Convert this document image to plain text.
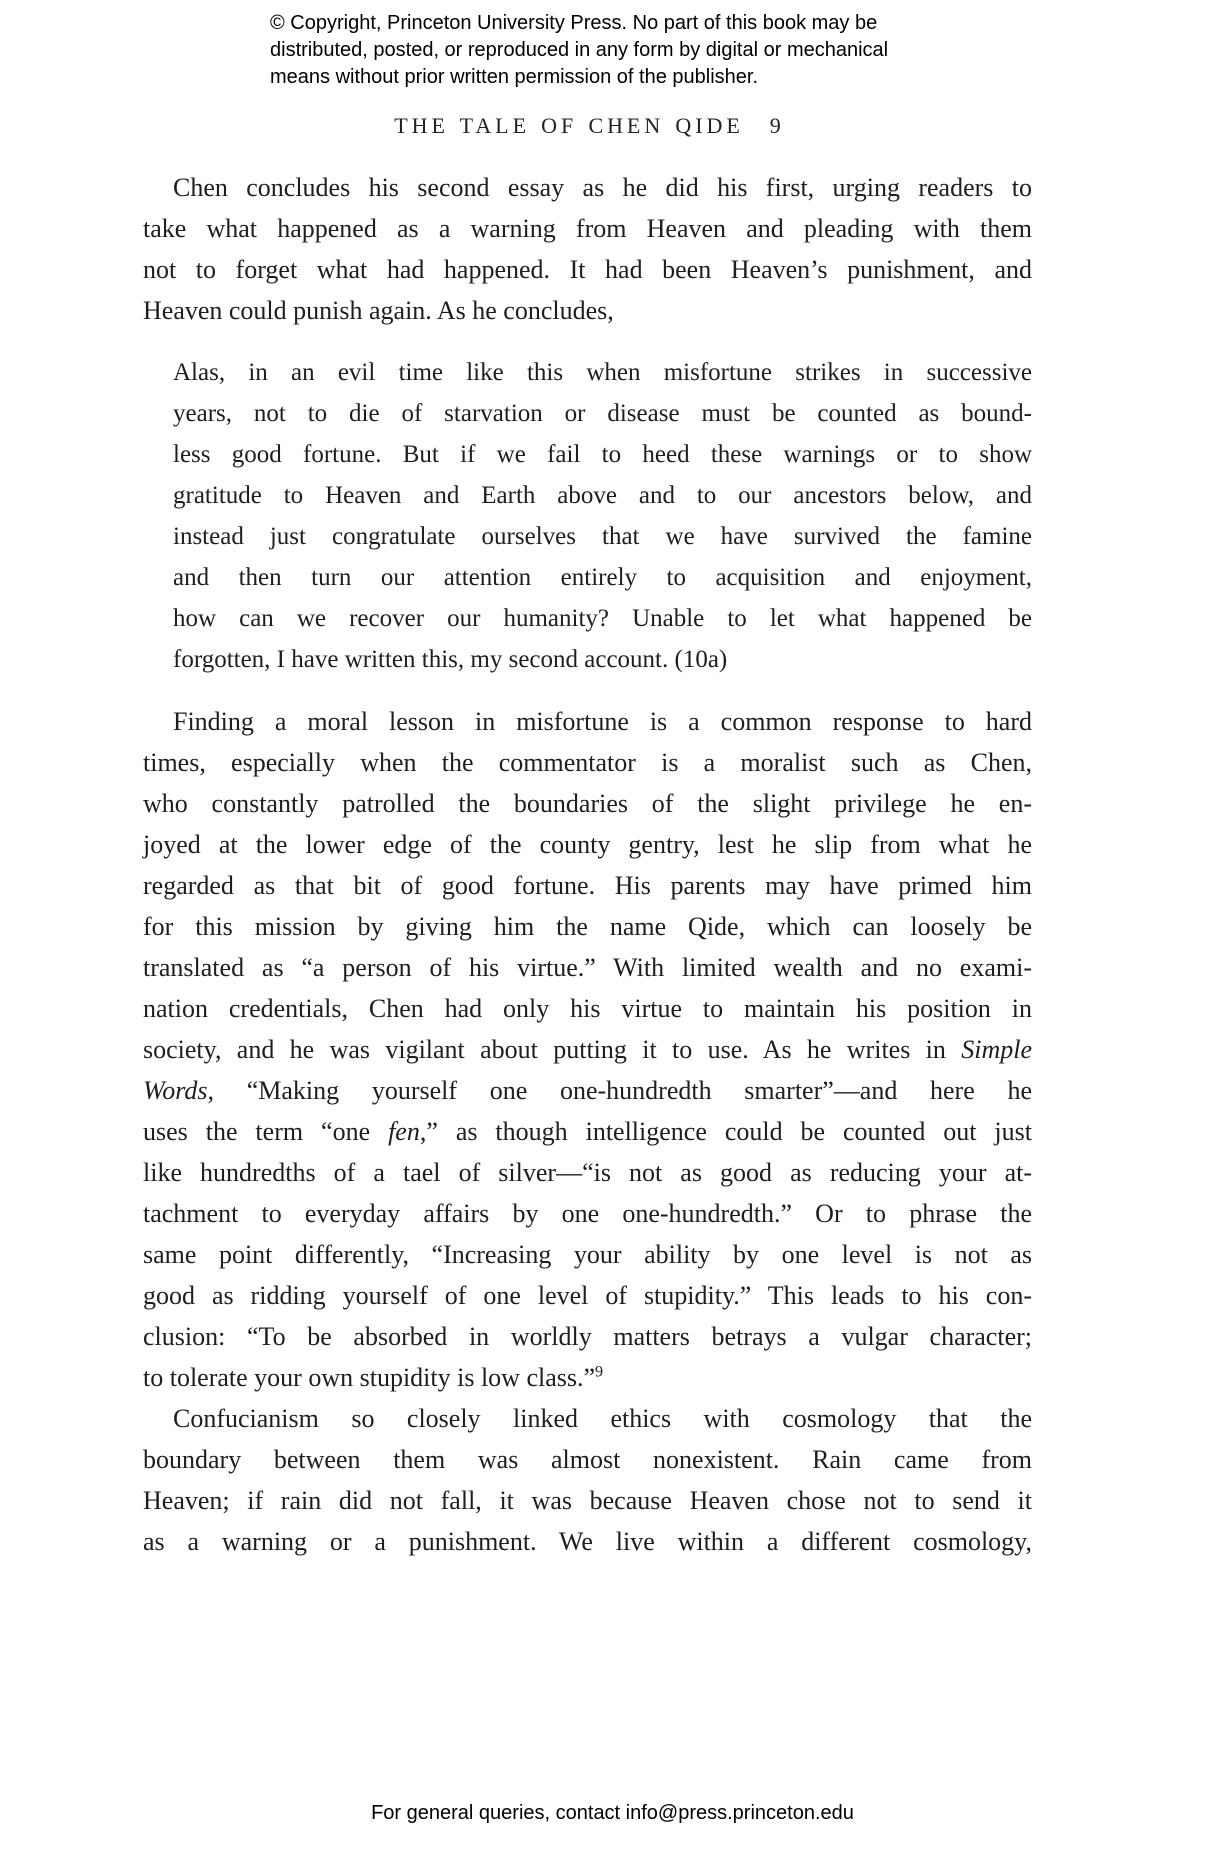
© Copyright, Princeton University Press. No part of this book may be
distributed, posted, or reproduced in any form by digital or mechanical
means without prior written permission of the publisher.
THE TALE OF CHEN QIDE 9
Chen concludes his second essay as he did his first, urging readers to
take what happened as a warning from Heaven and pleading with them
not to forget what had happened. It had been Heaven’s punishment, and
Heaven could punish again. As he concludes,
Alas, in an evil time like this when misfortune strikes in successive
years, not to die of starvation or disease must be counted as bound-
less good fortune. But if we fail to heed these warnings or to show
gratitude to Heaven and Earth above and to our ancestors below, and
instead just congratulate ourselves that we have survived the famine
and then turn our attention entirely to acquisition and enjoyment,
how can we recover our humanity? Unable to let what happened be
forgotten, I have written this, my second account. (10a)
Finding a moral lesson in misfortune is a common response to hard
times, especially when the commentator is a moralist such as Chen,
who constantly patrolled the boundaries of the slight privilege he en-
joyed at the lower edge of the county gentry, lest he slip from what he
regarded as that bit of good fortune. His parents may have primed him
for this mission by giving him the name Qide, which can loosely be
translated as “a person of his virtue.” With limited wealth and no exami-
nation credentials, Chen had only his virtue to maintain his position in
society, and he was vigilant about putting it to use. As he writes in Simple
Words, “Making yourself one one-hundredth smarter”—and here he
uses the term “one fen,” as though intelligence could be counted out just
like hundredths of a tael of silver—“is not as good as reducing your at-
tachment to everyday affairs by one one-hundredth.” Or to phrase the
same point differently, “Increasing your ability by one level is not as
good as ridding yourself of one level of stupidity.” This leads to his con-
clusion: “To be absorbed in worldly matters betrays a vulgar character;
to tolerate your own stupidity is low class.”$^9$
Confucianism so closely linked ethics with cosmology that the
boundary between them was almost nonexistent. Rain came from
Heaven; if rain did not fall, it was because Heaven chose not to send it
as a warning or a punishment. We live within a different cosmology,
For general queries, contact info@press.princeton.edu
